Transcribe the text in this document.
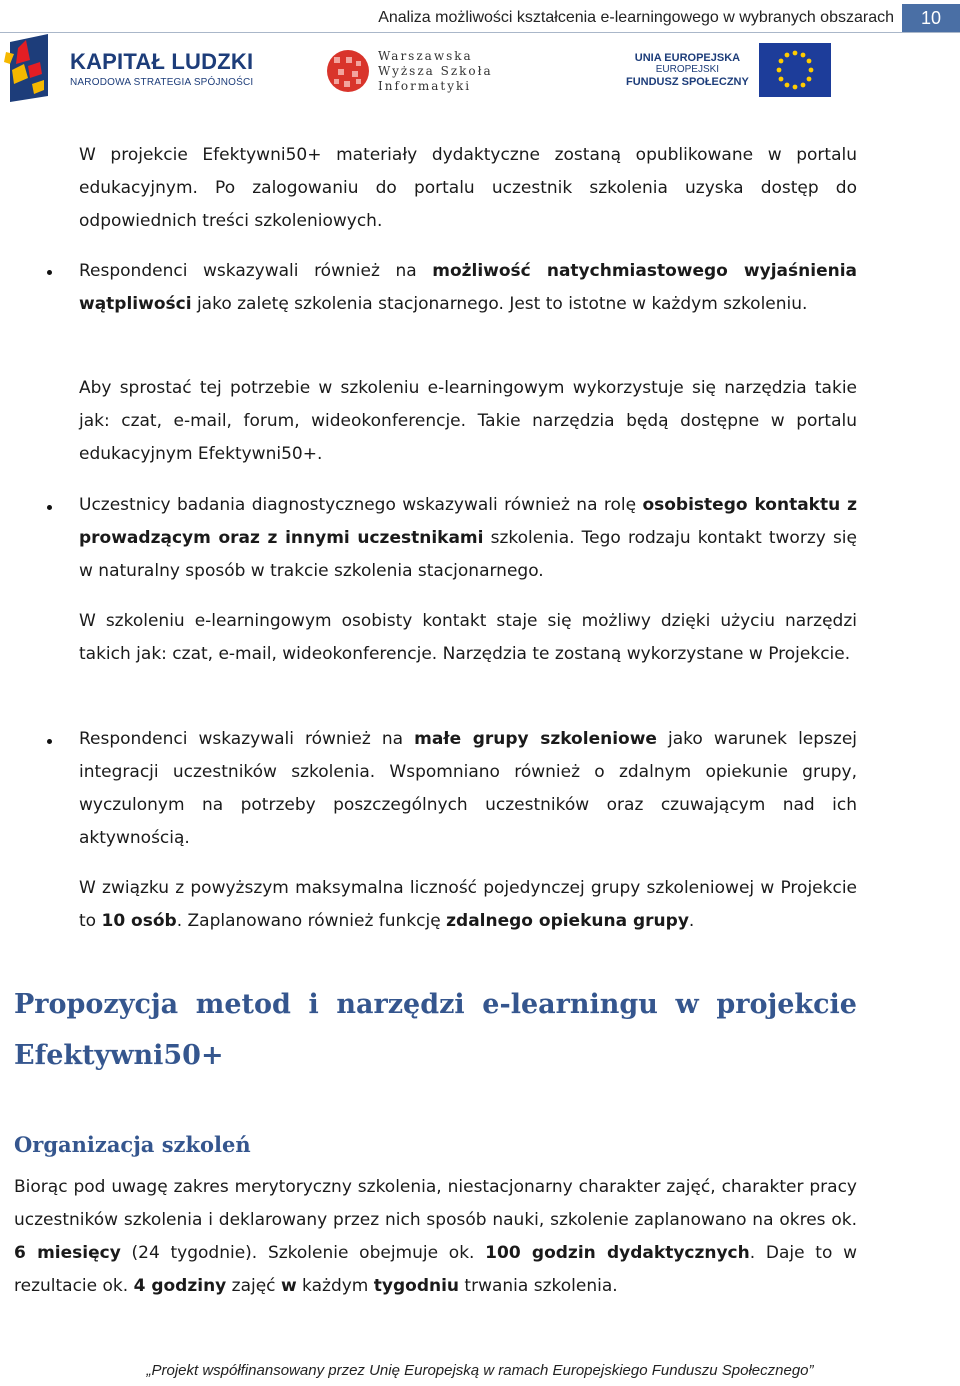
Analiza możliwości kształcenia e-learningowego w wybranych obszarach	10
KAPITAŁ LUDZKI
NARODOWA STRATEGIA SPÓJNOŚCI
Warszawska
Wyższa Szkoła
Informatyki
UNIA EUROPEJSKA
EUROPEJSKI
FUNDUSZ SPOŁECZNY

W projekcie Efektywni50+ materiały dydaktyczne zostaną opublikowane w portalu edukacyjnym. Po zalogowaniu do portalu uczestnik szkolenia uzyska dostęp do odpowiednich treści szkoleniowych.

Respondenci wskazywali również na możliwość natychmiastowego wyjaśnienia wątpliwości jako zaletę szkolenia stacjonarnego. Jest to istotne w każdym szkoleniu.

Aby sprostać tej potrzebie w szkoleniu e-learningowym wykorzystuje się narzędzia takie jak: czat, e-mail, forum, wideokonferencje. Takie narzędzia będą dostępne w portalu edukacyjnym Efektywni50+.

Uczestnicy badania diagnostycznego wskazywali również na rolę osobistego kontaktu z prowadzącym oraz z innymi uczestnikami szkolenia. Tego rodzaju kontakt tworzy się w naturalny sposób w trakcie szkolenia stacjonarnego.

W szkoleniu e-learningowym osobisty kontakt staje się możliwy dzięki użyciu narzędzi takich jak: czat, e-mail, wideokonferencje. Narzędzia te zostaną wykorzystane w Projekcie.

Respondenci wskazywali również na małe grupy szkoleniowe jako warunek lepszej integracji uczestników szkolenia. Wspomniano również o zdalnym opiekunie grupy, wyczulonym na potrzeby poszczególnych uczestników oraz czuwającym nad ich aktywnością.

W związku z powyższym maksymalna liczność pojedynczej grupy szkoleniowej w Projekcie to 10 osób. Zaplanowano również funkcję zdalnego opiekuna grupy.

Propozycja metod i narzędzi e-learningu w projekcie Efektywni50+
Organizacja szkoleń

Biorąc pod uwagę zakres merytoryczny szkolenia, niestacjonarny charakter zajęć, charakter pracy uczestników szkolenia i deklarowany przez nich sposób nauki, szkolenie zaplanowano na okres ok. 6 miesięcy (24 tygodnie). Szkolenie obejmuje ok. 100 godzin dydaktycznych. Daje to w rezultacie ok. 4 godziny zajęć w każdym tygodniu trwania szkolenia.

„Projekt współfinansowany przez Unię Europejską w ramach Europejskiego Funduszu Społecznego”
